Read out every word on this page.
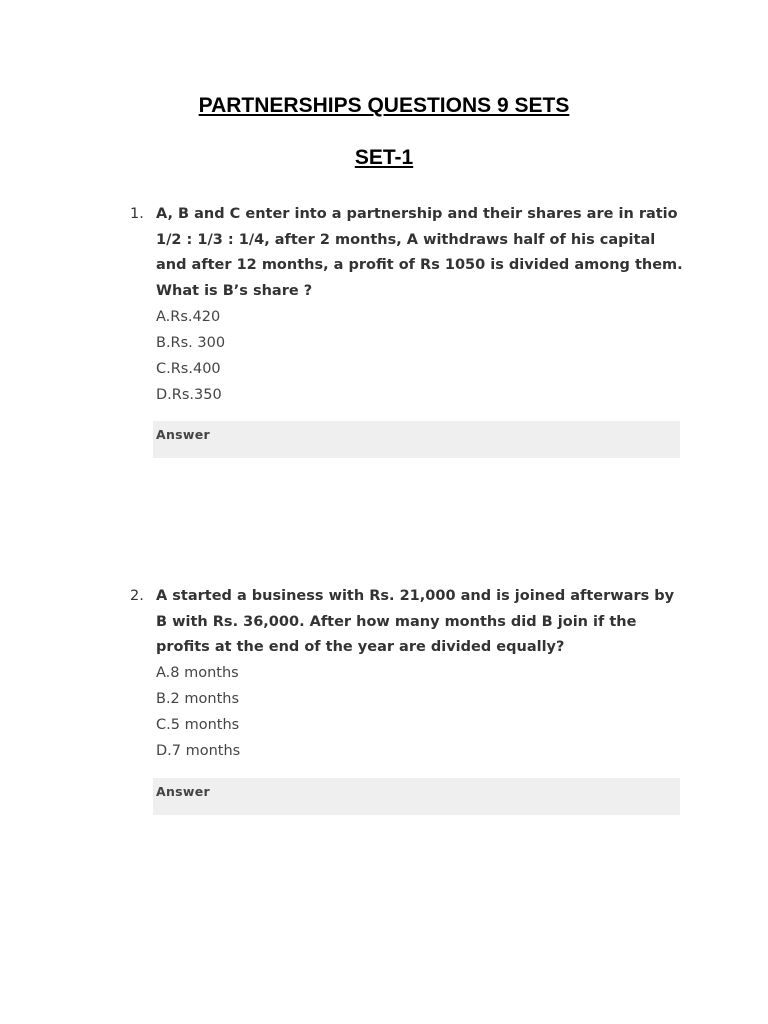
PARTNERSHIPS QUESTIONS 9 SETS
SET-1
1. A, B and C enter into a partnership and their shares are in ratio 1/2 : 1/3 : 1/4, after 2 months, A withdraws half of his capital and after 12 months, a profit of Rs 1050 is divided among them. What is B’s share ?

A.Rs.420
B.Rs. 300
C.Rs.400
D.Rs.350
Answer
2. A started a business with Rs. 21,000 and is joined afterwars by B with Rs. 36,000. After how many months did B join if the profits at the end of the year are divided equally?

A.8 months
B.2 months
C.5 months
D.7 months
Answer
